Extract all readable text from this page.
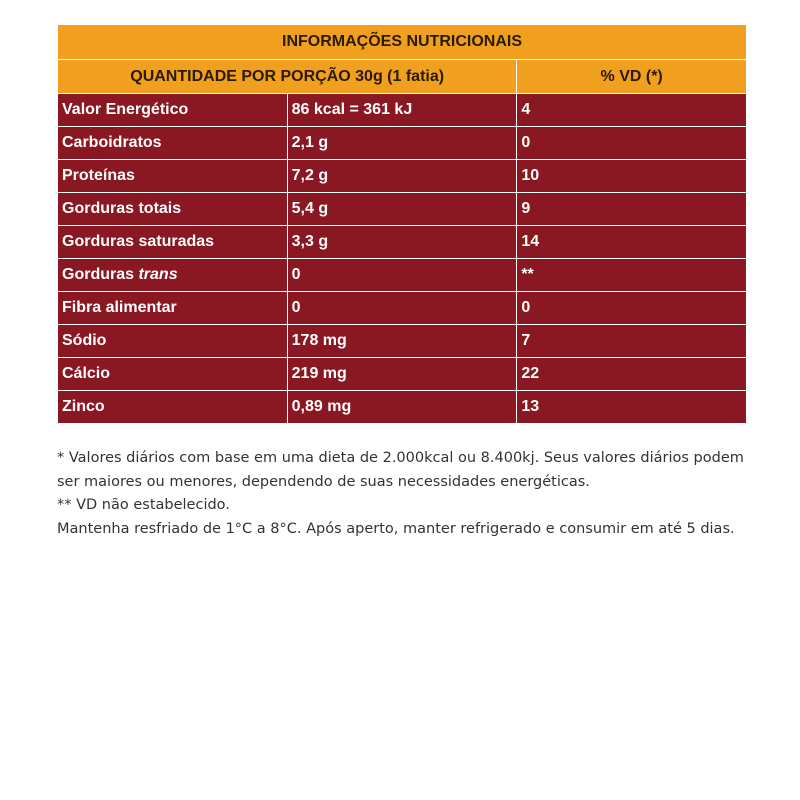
INFORMAÇÕES NUTRICIONAIS		
QUANTIDADE POR PORÇÃO 30g (1 fatia)		% VD (*)
Valor Energético	86 kcal = 361 kJ	4
Carboidratos	2,1 g	0
Proteínas	7,2 g	10
Gorduras totais	5,4 g	9
Gorduras saturadas	3,3 g	14
Gorduras trans	0	**
Fibra alimentar	0	0
Sódio	178 mg	7
Cálcio	219 mg	22
Zinco	0,89 mg	13

* Valores diários com base em uma dieta de 2.000kcal ou 8.400kj. Seus valores diários podem ser maiores ou menores, dependendo de suas necessidades energéticas.

** VD não estabelecido.

Mantenha resfriado de 1°C a 8°C. Após aperto, manter refrigerado e consumir em até 5 dias.
